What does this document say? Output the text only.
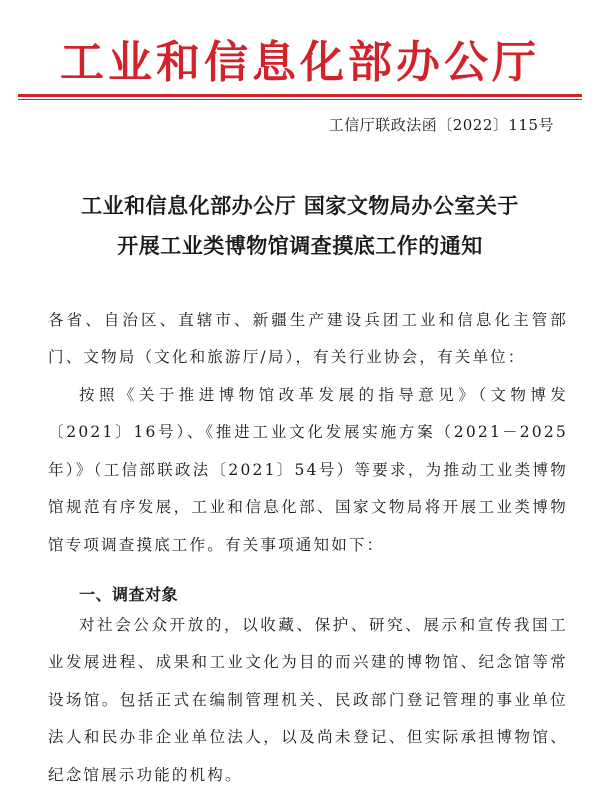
工业和信息化部办公厅
工信厅联政法函〔2022〕115号
工业和信息化部办公厅 国家文物局办公室关于
开展工业类博物馆调查摸底工作的通知

各省、自治区、直辖市、新疆生产建设兵团工业和信息化主管部门、文物局（文化和旅游厅/局），有关行业协会，有关单位：

按照《关于推进博物馆改革发展的指导意见》（文物博发〔2021〕16号）、《推进工业文化发展实施方案（2021－2025年）》（工信部联政法〔2021〕54号）等要求，为推动工业类博物馆规范有序发展，工业和信息化部、国家文物局将开展工业类博物馆专项调查摸底工作。有关事项通知如下：

一、调查对象

对社会公众开放的，以收藏、保护、研究、展示和宣传我国工业发展进程、成果和工业文化为目的而兴建的博物馆、纪念馆等常设场馆。包括正式在编制管理机关、民政部门登记管理的事业单位法人和民办非企业单位法人，以及尚未登记、但实际承担博物馆、纪念馆展示功能的机构。
